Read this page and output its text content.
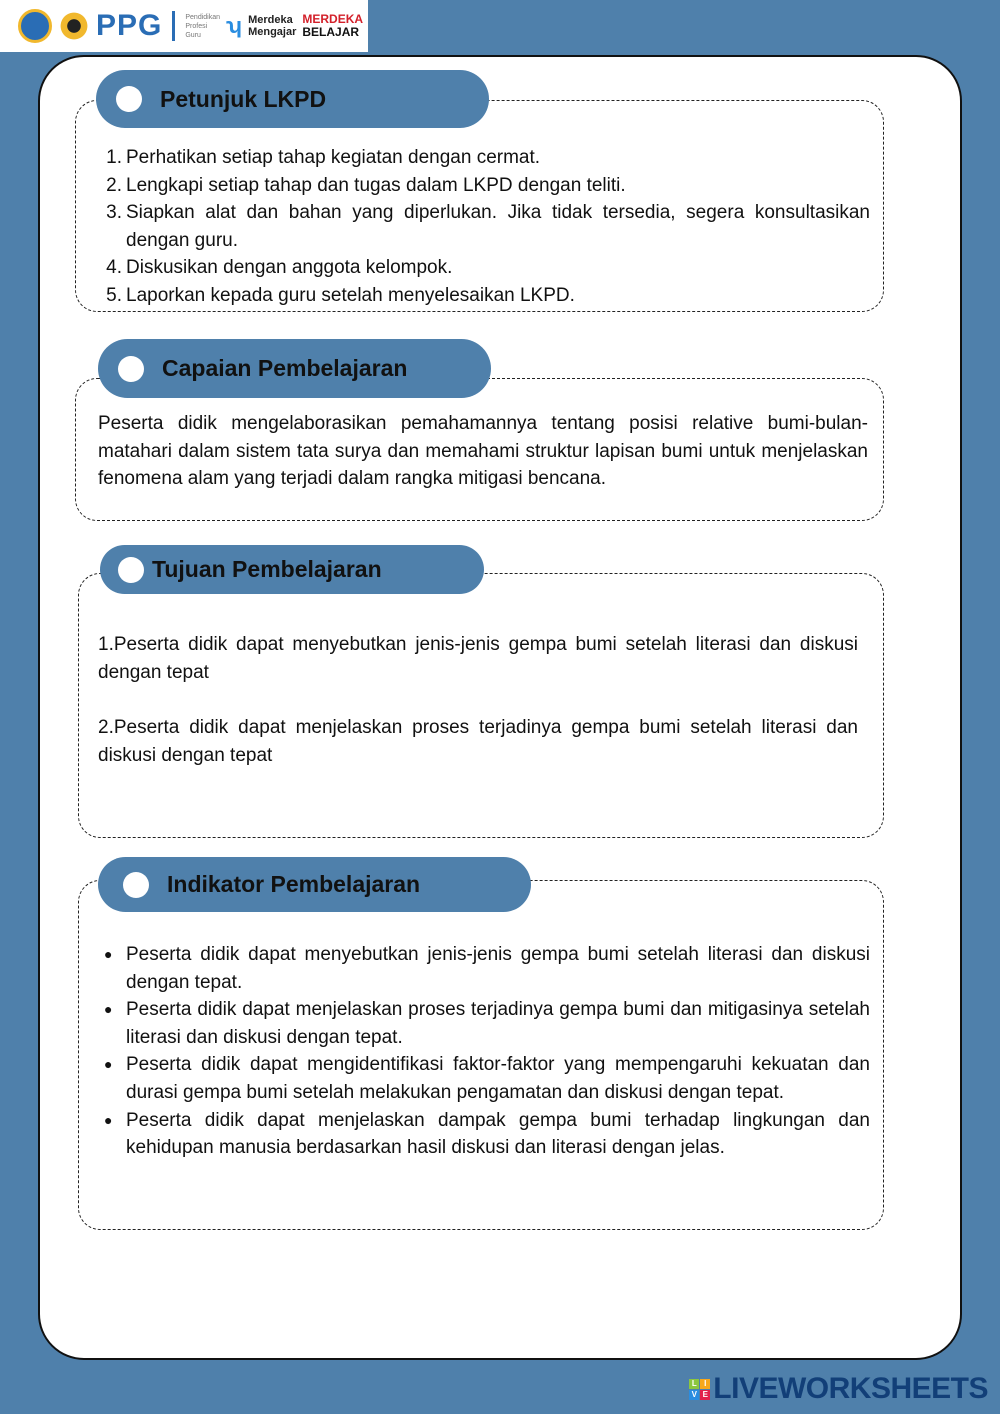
PPG	Pendidikan
Profesi
Guru	ʮ Merdeka
Mengajar
MERDEKA
BELAJAR
Petunjuk LKPD
1. Perhatikan setiap tahap kegiatan dengan cermat.
2. Lengkapi setiap tahap dan tugas dalam LKPD dengan teliti.
3. Siapkan alat dan bahan yang diperlukan. Jika tidak tersedia, segera konsultasikan dengan guru.
4. Diskusikan dengan anggota kelompok.
5. Laporkan kepada guru setelah menyelesaikan LKPD.
Capaian Pembelajaran

Peserta didik mengelaborasikan pemahamannya tentang posisi relative bumi-bulan-matahari dalam sistem tata surya dan memahami struktur lapisan bumi untuk menjelaskan fenomena alam yang terjadi dalam rangka mitigasi bencana.

Tujuan Pembelajaran

1.Peserta didik dapat menyebutkan jenis-jenis gempa bumi setelah literasi dan diskusi dengan tepat

2.Peserta didik dapat menjelaskan proses terjadinya gempa bumi setelah literasi dan diskusi dengan tepat

Indikator Pembelajaran
● Peserta didik dapat menyebutkan jenis-jenis gempa bumi setelah literasi dan diskusi dengan tepat.
● Peserta didik dapat menjelaskan proses terjadinya gempa bumi dan mitigasinya setelah literasi dan diskusi dengan tepat.
● Peserta didik dapat mengidentifikasi faktor-faktor yang mempengaruhi kekuatan dan durasi gempa bumi setelah melakukan pengamatan dan diskusi dengan tepat.
● Peserta didik dapat menjelaskan dampak gempa bumi terhadap lingkungan dan kehidupan manusia berdasarkan hasil diskusi dan literasi dengan jelas.
L I
V E LIVEWORKSHEETS
